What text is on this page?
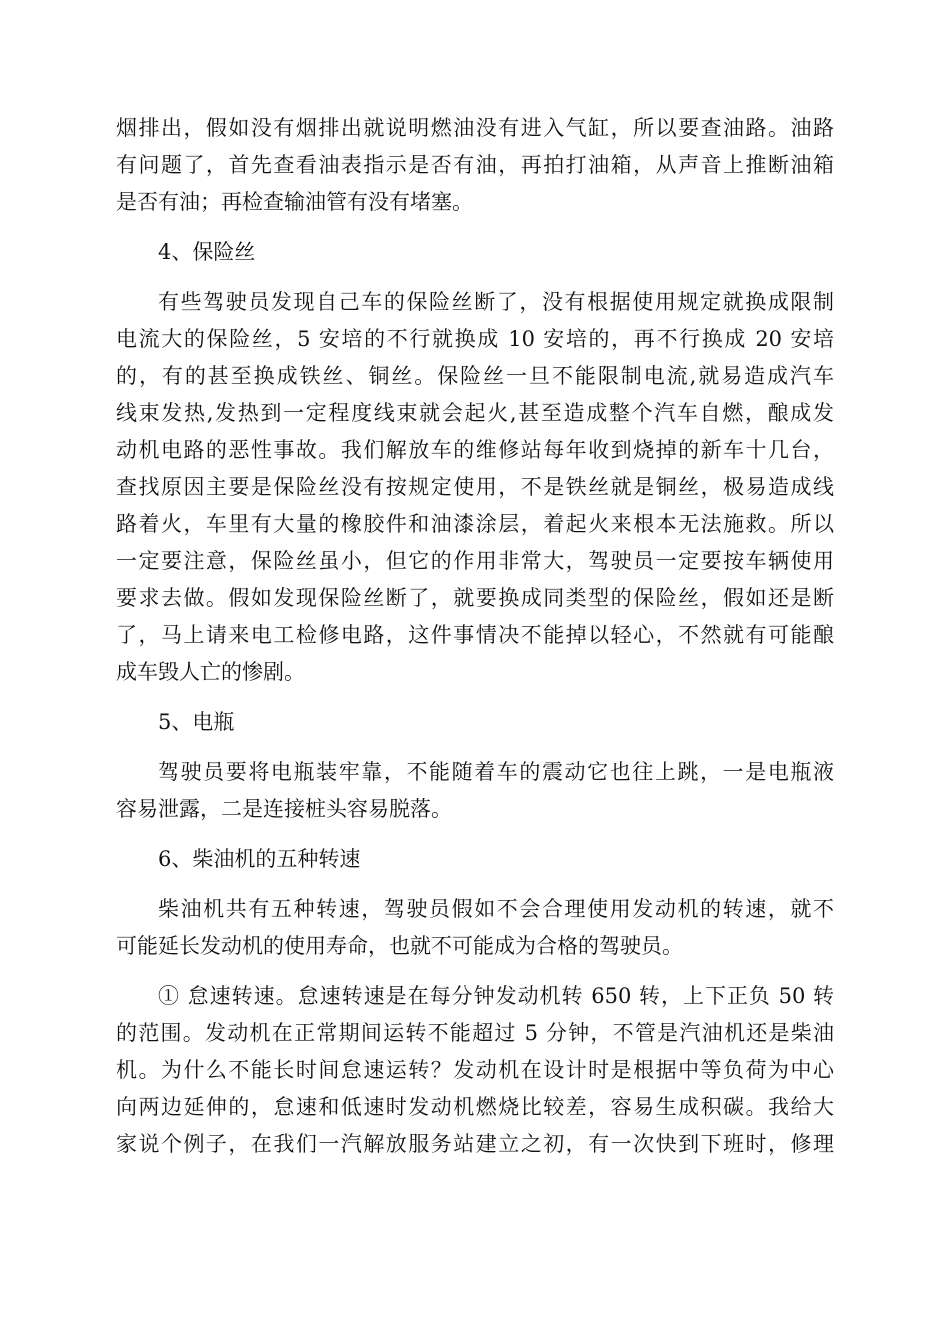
烟排出，假如没有烟排出就说明燃油没有进入气缸，所以要查油路。油路
有问题了，首先查看油表指示是否有油，再拍打油箱，从声音上推断油箱
是否有油；再检查输油管有没有堵塞。
4、保险丝
有些驾驶员发现自己车的保险丝断了，没有根据使用规定就换成限制
电流大的保险丝，5 安培的不行就换成 10 安培的，再不行换成 20 安培
的，有的甚至换成铁丝、铜丝。保险丝一旦不能限制电流,就易造成汽车
线束发热,发热到一定程度线束就会起火,甚至造成整个汽车自燃，酿成发
动机电路的恶性事故。我们解放车的维修站每年收到烧掉的新车十几台，
查找原因主要是保险丝没有按规定使用，不是铁丝就是铜丝，极易造成线
路着火，车里有大量的橡胶件和油漆涂层，着起火来根本无法施救。所以
一定要注意，保险丝虽小，但它的作用非常大，驾驶员一定要按车辆使用
要求去做。假如发现保险丝断了，就要换成同类型的保险丝，假如还是断
了，马上请来电工检修电路，这件事情决不能掉以轻心，不然就有可能酿
成车毁人亡的惨剧。
5、电瓶
驾驶员要将电瓶装牢靠，不能随着车的震动它也往上跳，一是电瓶液
容易泄露，二是连接桩头容易脱落。
6、柴油机的五种转速
柴油机共有五种转速，驾驶员假如不会合理使用发动机的转速，就不
可能延长发动机的使用寿命，也就不可能成为合格的驾驶员。
① 怠速转速。怠速转速是在每分钟发动机转 650 转，上下正负 50 转
的范围。发动机在正常期间运转不能超过 5 分钟，不管是汽油机还是柴油
机。为什么不能长时间怠速运转？发动机在设计时是根据中等负荷为中心
向两边延伸的，怠速和低速时发动机燃烧比较差，容易生成积碳。我给大
家说个例子，在我们一汽解放服务站建立之初，有一次快到下班时，修理
